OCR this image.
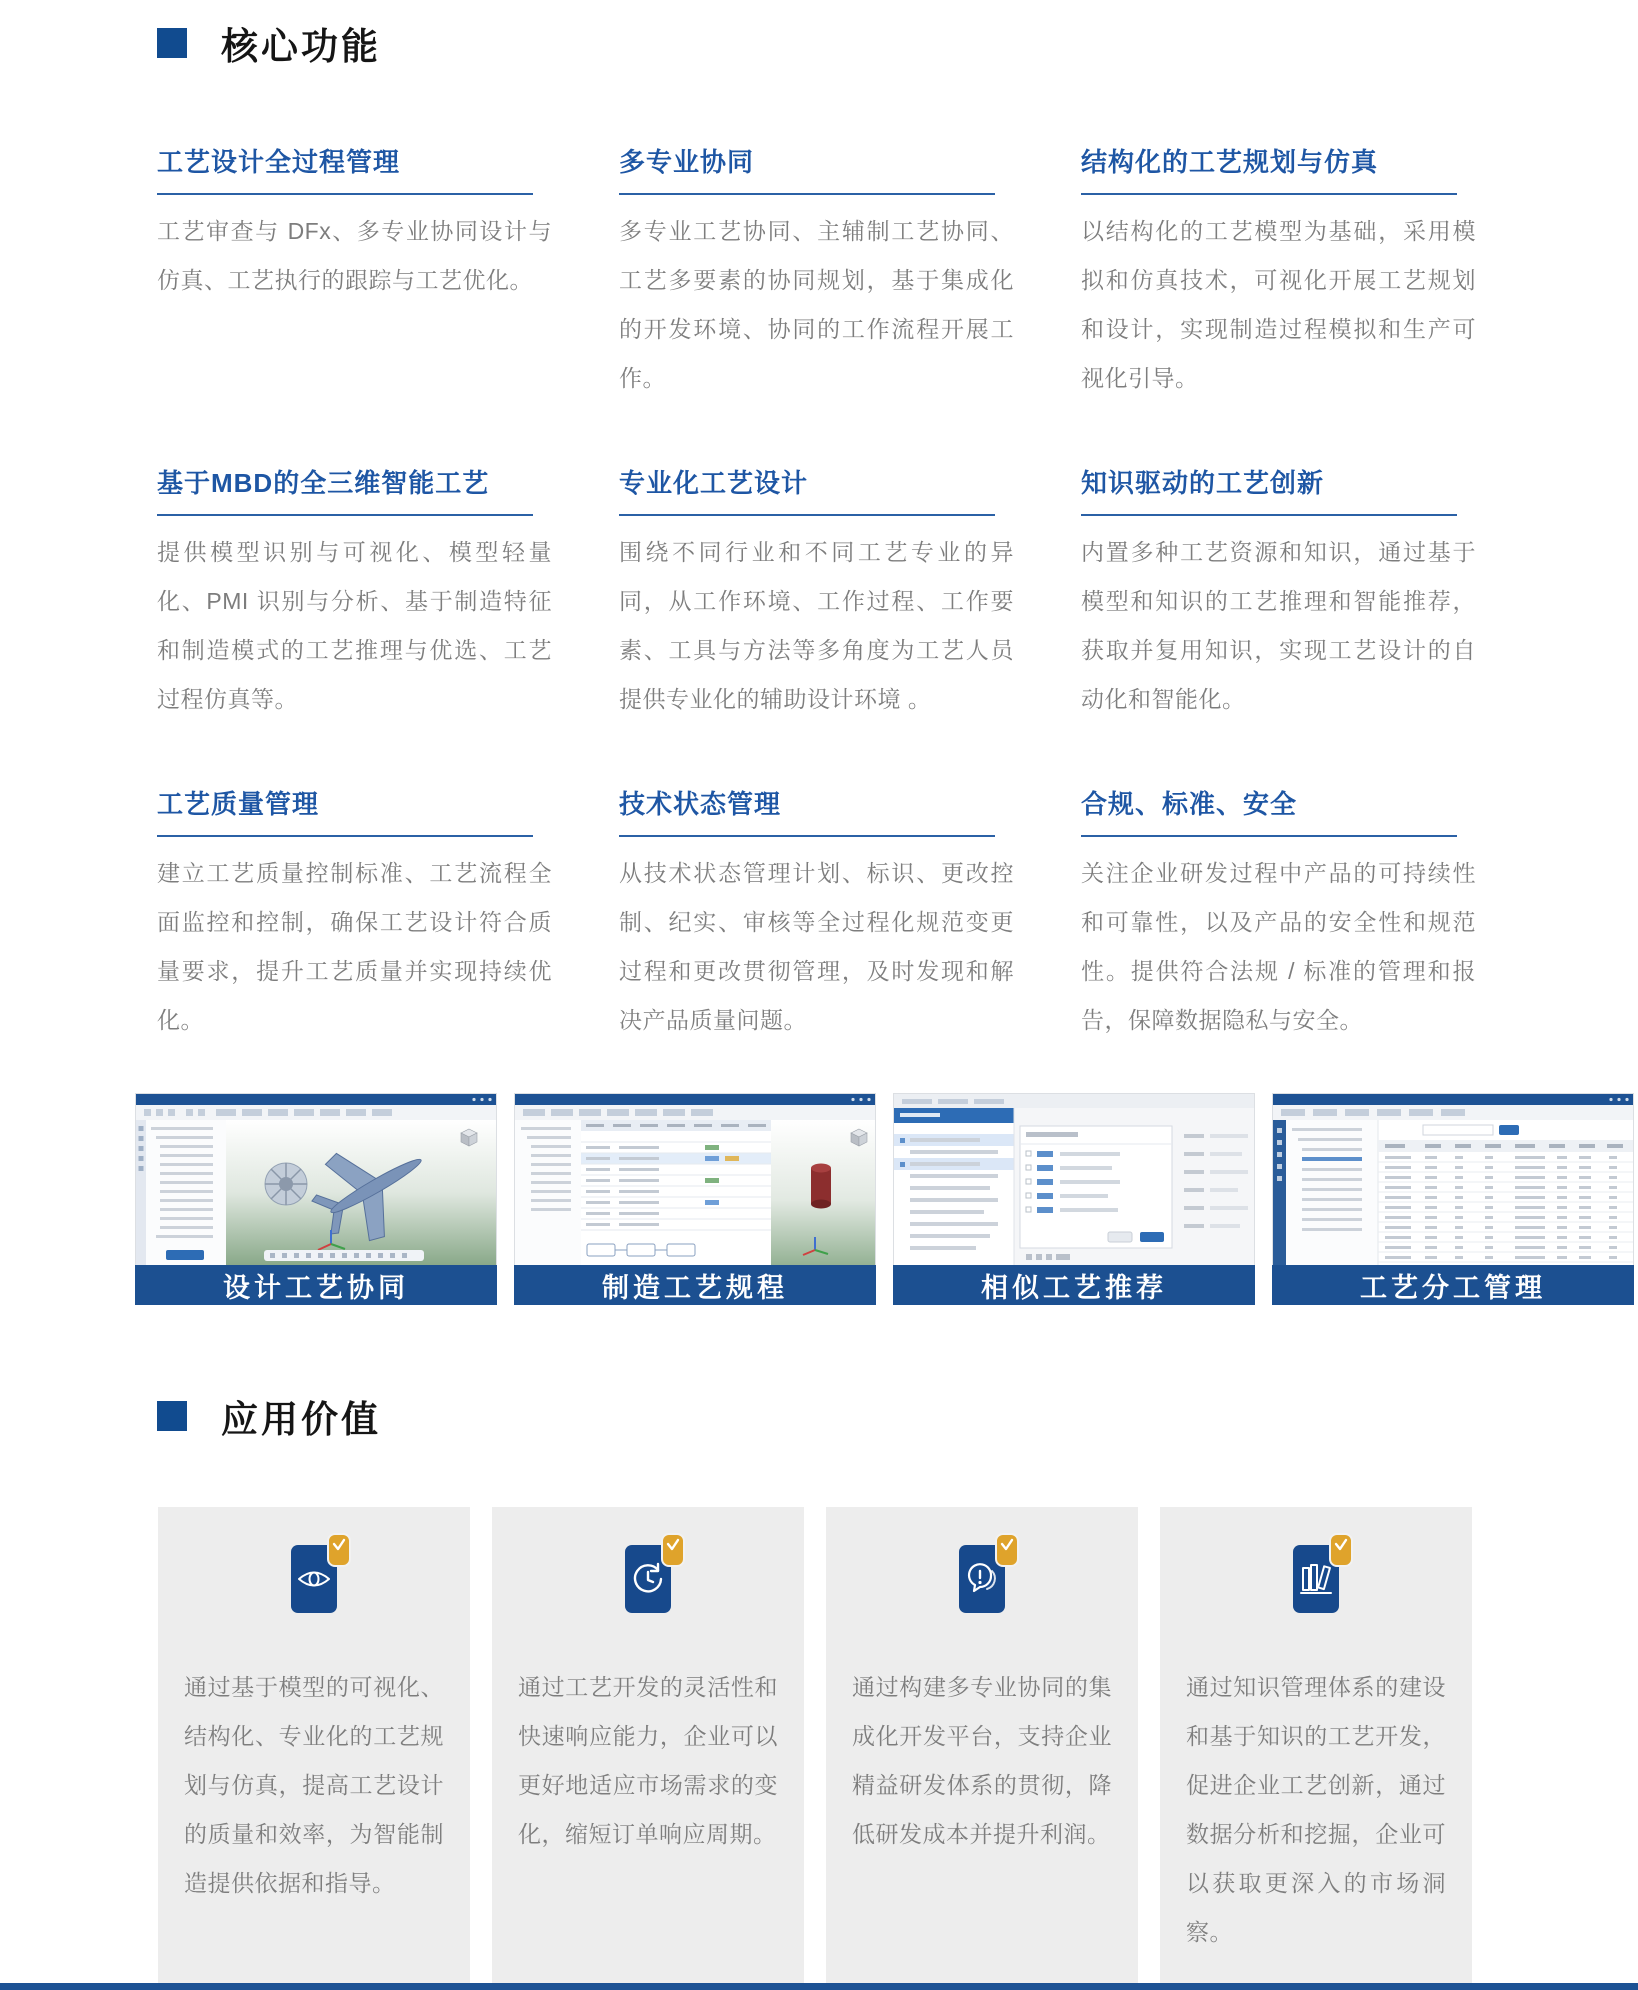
核心功能
工艺设计全过程管理
工艺审查与 DFx、多专业协同设计与仿真、工艺执行的跟踪与工艺优化。
多专业协同
多专业工艺协同、主辅制工艺协同、工艺多要素的协同规划，基于集成化的开发环境、协同的工作流程开展工作。
结构化的工艺规划与仿真
以结构化的工艺模型为基础，采用模拟和仿真技术，可视化开展工艺规划和设计，实现制造过程模拟和生产可视化引导。
基于MBD的全三维智能工艺
提供模型识别与可视化、模型轻量化、PMI 识别与分析、基于制造特征和制造模式的工艺推理与优选、工艺过程仿真等。
专业化工艺设计
围绕不同行业和不同工艺专业的异同，从工作环境、工作过程、工作要素、工具与方法等多角度为工艺人员提供专业化的辅助设计环境 。
知识驱动的工艺创新
内置多种工艺资源和知识，通过基于模型和知识的工艺推理和智能推荐，获取并复用知识，实现工艺设计的自动化和智能化。
工艺质量管理
建立工艺质量控制标准、工艺流程全面监控和控制，确保工艺设计符合质量要求，提升工艺质量并实现持续优化。
技术状态管理
从技术状态管理计划、标识、更改控制、纪实、审核等全过程化规范变更过程和更改贯彻管理，及时发现和解决产品质量问题。
合规、标准、安全
关注企业研发过程中产品的可持续性和可靠性，以及产品的安全性和规范性。提供符合法规 / 标准的管理和报告，保障数据隐私与安全。
设计工艺协同	制造工艺规程	相似工艺推荐	工艺分工管理
应用价值
通过基于模型的可视化、结构化、专业化的工艺规划与仿真，提高工艺设计的质量和效率，为智能制造提供依据和指导。
通过工艺开发的灵活性和快速响应能力，企业可以更好地适应市场需求的变化，缩短订单响应周期。
通过构建多专业协同的集成化开发平台，支持企业精益研发体系的贯彻，降低研发成本并提升利润。
通过知识管理体系的建设和基于知识的工艺开发，促进企业工艺创新，通过数据分析和挖掘，企业可以获取更深入的市场洞察。
